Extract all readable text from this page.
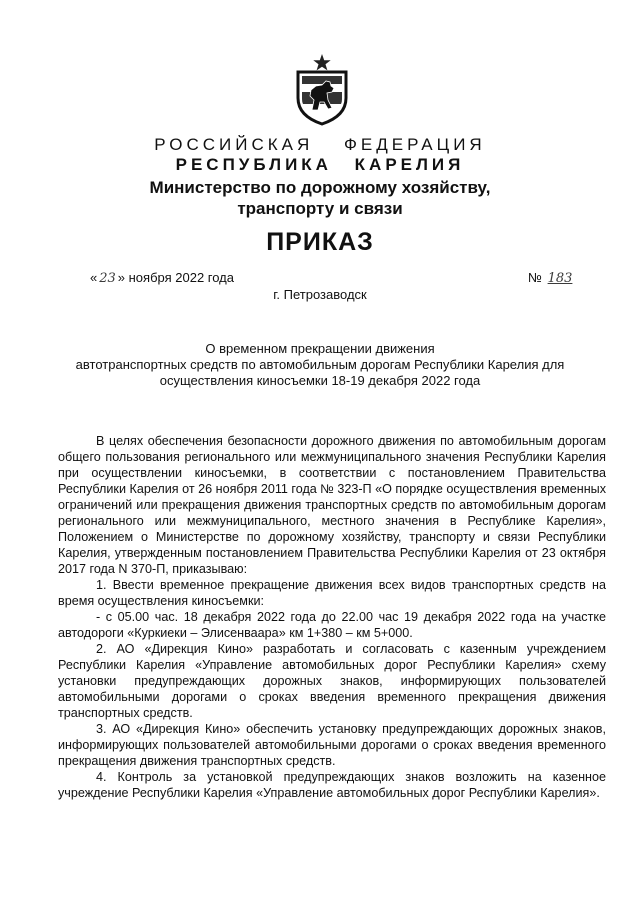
РОССИЙСКАЯ ФЕДЕРАЦИЯ
РЕСПУБЛИКА КАРЕЛИЯ
Министерство по дорожному хозяйству,
транспорту и связи
ПРИКАЗ
« 23 » ноября 2022 года	№ 183
г. Петрозаводск
О временном прекращении движения
автотранспортных средств по автомобильным дорогам Республики Карелия для
осуществления киносъемки 18-19 декабря 2022 года

В целях обеспечения безопасности дорожного движения по автомобильным дорогам общего пользования регионального или межмуниципального значения Республики Карелия при осуществлении киносъемки, в соответствии с постановлением Правительства Республики Карелия от 26 ноября 2011 года № 323-П «О порядке осуществления временных ограничений или прекращения движения транспортных средств по автомобильным дорогам регионального или межмуниципального, местного значения в Республике Карелия», Положением о Министерстве по дорожному хозяйству, транспорту и связи Республики Карелия, утвержденным постановлением Правительства Республики Карелия от 23 октября 2017 года N 370-П, приказываю:

1. Ввести временное прекращение движения всех видов транспортных средств на время осуществления киносъемки:

- с 05.00 час. 18 декабря 2022 года до 22.00 час 19 декабря 2022 года на участке автодороги «Куркиеки – Элисенваара» км 1+380 – км 5+000.

2. АО «Дирекция Кино» разработать и согласовать с казенным учреждением Республики Карелия «Управление автомобильных дорог Республики Карелия» схему установки предупреждающих дорожных знаков, информирующих пользователей автомобильными дорогами о сроках введения временного прекращения движения транспортных средств.

3. АО «Дирекция Кино» обеспечить установку предупреждающих дорожных знаков, информирующих пользователей автомобильными дорогами о сроках введения временного прекращения движения транспортных средств.

4. Контроль за установкой предупреждающих знаков возложить на казенное учреждение Республики Карелия «Управление автомобильных дорог Республики Карелия».
